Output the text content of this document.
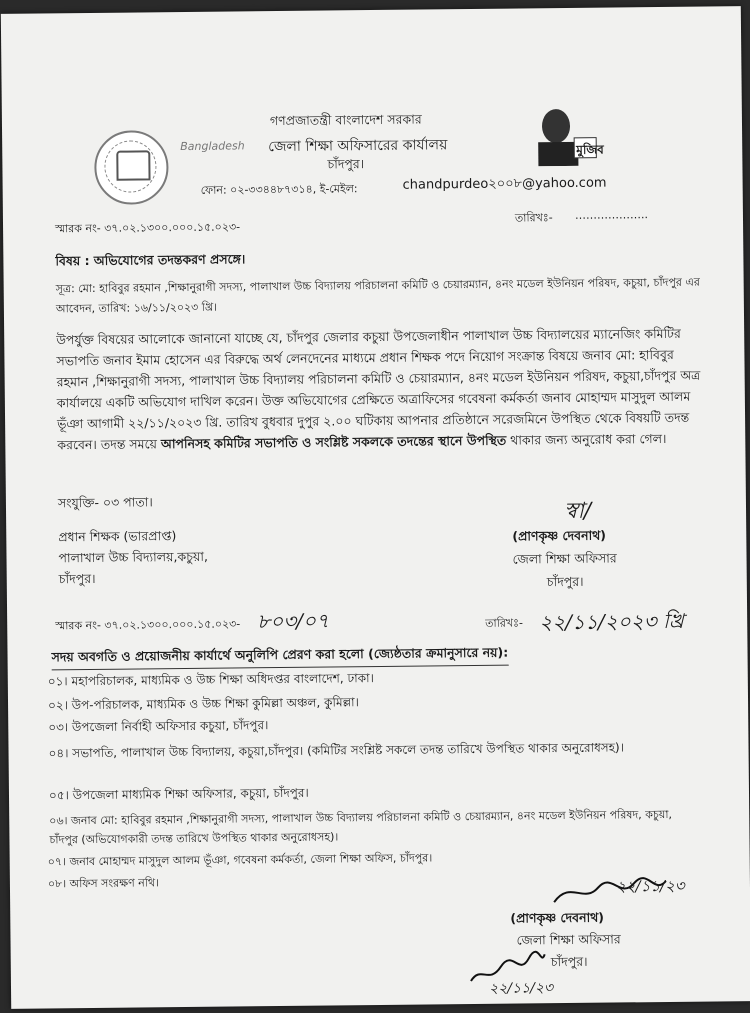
Bangladesh
গণপ্রজাতন্ত্রী বাংলাদেশ সরকার
জেলা শিক্ষা অফিসারের কার্যালয়
চাঁদপুর।
ফোন: ০২-৩৩৪৪৮৭৩১৪, ই-মেইল:	chandpurdeo২০০৮@yahoo.com
মুজিব
স্মারক নং- ৩৭.০২.১৩০০.০০০.১৫.০২৩-
তারিখঃ- ………………..
বিষয় : অভিযোগের তদন্তকরণ প্রসঙ্গে।
সূত্র: মো: হাবিবুর রহমান ,শিক্ষানুরাগী সদস্য, পালাখাল উচ্চ বিদ্যালয় পরিচালনা কমিটি ও চেয়ারম্যান, ৪নং মডেল ইউনিয়ন পরিষদ, কচুয়া, চাঁদপুর এর আবেদন, তারিখ: ১৬/১১/২০২৩ খ্রি।
উপর্যুক্ত বিষয়ের আলোকে জানানো যাচ্ছে যে, চাঁদপুর জেলার কচুয়া উপজেলাধীন পালাখাল উচ্চ বিদ্যালয়ের ম্যানেজিং কমিটির সভাপতি জনাব ইমাম হোসেন এর বিরুদ্ধে অর্থ লেনদেনের মাধ্যমে প্রধান শিক্ষক পদে নিয়োগ সংক্রান্ত বিষয়ে জনাব মো: হাবিবুর রহমান ,শিক্ষানুরাগী সদস্য, পালাখাল উচ্চ বিদ্যালয় পরিচালনা কমিটি ও চেয়ারম্যান, ৪নং মডেল ইউনিয়ন পরিষদ, কচুয়া,চাঁদপুর অত্র কার্যালয়ে একটি অভিযোগ দাখিল করেন। উক্ত অভিযোগের প্রেক্ষিতে অত্রাফিসের গবেষনা কর্মকর্তা জনাব মোহাম্মদ মাসুদুল আলম ভূঁঞা আগামী ২২/১১/২০২৩ খ্রি. তারিখ বুধবার দুপুর ২.০০ ঘটিকায় আপনার প্রতিষ্ঠানে সরেজমিনে উপস্থিত থেকে বিষয়টি তদন্ত করবেন। তদন্ত সময়ে আপনিসহ কমিটির সভাপতি ও সংশ্লিষ্ট সকলকে তদন্তের স্থানে উপস্থিত থাকার জন্য অনুরোধ করা গেল।
সংযুক্তি- ০৩ পাতা।
প্রধান শিক্ষক (ভারপ্রাপ্ত)
পালাখাল উচ্চ বিদ্যালয়,কচুয়া,
চাঁদপুর।
স্বা/
(প্রাণকৃষ্ণ দেবনাথ)
জেলা শিক্ষা অফিসার
চাঁদপুর।
স্মারক নং- ৩৭.০২.১৩০০.০০০.১৫.০২৩- ৮০৩/০৭	তারিখঃ- ২২/১১/২০২৩ খ্রি
সদয় অবগতি ও প্রয়োজনীয় কার্যার্থে অনুলিপি প্রেরণ করা হলো (জ্যেষ্ঠতার ক্রমানুসারে নয়):
০১। মহাপরিচালক, মাধ্যমিক ও উচ্চ শিক্ষা অধিদপ্তর বাংলাদেশ, ঢাকা।
০২। উপ-পরিচালক, মাধ্যমিক ও উচ্চ শিক্ষা কুমিল্লা অঞ্চল, কুমিল্লা।
০৩। উপজেলা নির্বাহী অফিসার কচুয়া, চাঁদপুর।
০৪। সভাপতি, পালাখাল উচ্চ বিদ্যালয়, কচুয়া,চাঁদপুর। (কমিটির সংশ্লিষ্ট সকলে তদন্ত তারিখে উপস্থিত থাকার অনুরোধসহ)।
০৫। উপজেলা মাধ্যমিক শিক্ষা অফিসার, কচুয়া, চাঁদপুর।
০৬। জনাব মো: হাবিবুর রহমান ,শিক্ষানুরাগী সদস্য, পালাখাল উচ্চ বিদ্যালয় পরিচালনা কমিটি ও চেয়ারম্যান, ৪নং মডেল ইউনিয়ন পরিষদ, কচুয়া, চাঁদপুর (অভিযোগকারী তদন্ত তারিখে উপস্থিত থাকার অনুরোধসহ)।
০৭। জনাব মোহাম্মদ মাসুদুল আলম ভূঁঞা, গবেষনা কর্মকর্তা, জেলা শিক্ষা অফিস, চাঁদপুর।
০৮। অফিস সংরক্ষণ নথি।	২২/১১/২৩
(প্রাণকৃষ্ণ দেবনাথ)
জেলা শিক্ষা অফিসার
চাঁদপুর।
২২/১১/২৩
